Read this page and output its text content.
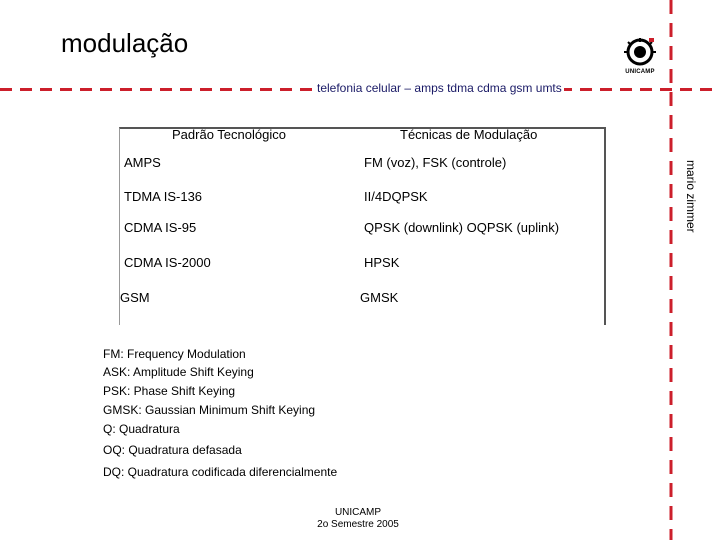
modulação
UNICAMP
telefonia celular – amps tdma cdma gsm umts
mario zimmer
Padrão Tecnológico	Técnicas de Modulação
AMPS	FM (voz), FSK (controle)
TDMA IS-136	II/4DQPSK
CDMA IS-95	QPSK (downlink) OQPSK (uplink)
CDMA IS-2000	HPSK
GSM	GMSK
FM: Frequency Modulation
ASK: Amplitude Shift Keying
PSK: Phase Shift Keying
GMSK: Gaussian Minimum Shift Keying
Q: Quadratura
OQ: Quadratura defasada
DQ: Quadratura codificada diferencialmente
UNICAMP
2o Semestre 2005
